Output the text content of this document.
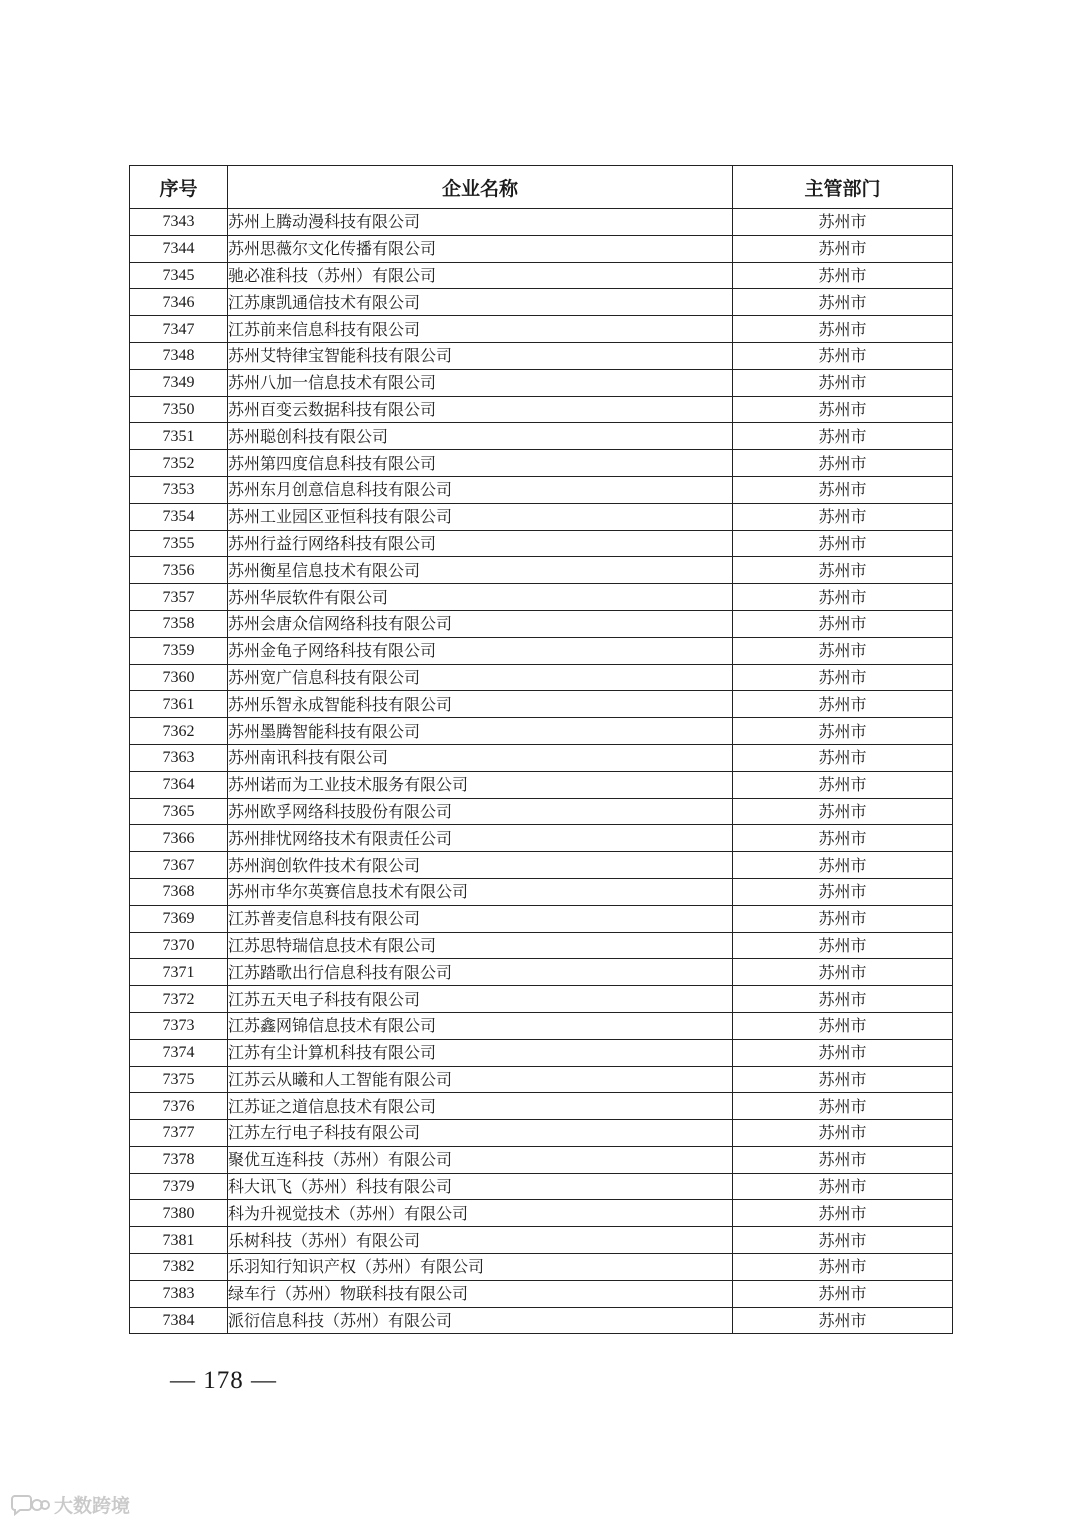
序号	企业名称	主管部门
7343	苏州上腾动漫科技有限公司	苏州市
7344	苏州思薇尔文化传播有限公司	苏州市
7345	驰必准科技（苏州）有限公司	苏州市
7346	江苏康凯通信技术有限公司	苏州市
7347	江苏前来信息科技有限公司	苏州市
7348	苏州艾特律宝智能科技有限公司	苏州市
7349	苏州八加一信息技术有限公司	苏州市
7350	苏州百变云数据科技有限公司	苏州市
7351	苏州聪创科技有限公司	苏州市
7352	苏州第四度信息科技有限公司	苏州市
7353	苏州东月创意信息科技有限公司	苏州市
7354	苏州工业园区亚恒科技有限公司	苏州市
7355	苏州行益行网络科技有限公司	苏州市
7356	苏州衡星信息技术有限公司	苏州市
7357	苏州华辰软件有限公司	苏州市
7358	苏州会唐众信网络科技有限公司	苏州市
7359	苏州金龟子网络科技有限公司	苏州市
7360	苏州宽广信息科技有限公司	苏州市
7361	苏州乐智永成智能科技有限公司	苏州市
7362	苏州墨腾智能科技有限公司	苏州市
7363	苏州南讯科技有限公司	苏州市
7364	苏州诺而为工业技术服务有限公司	苏州市
7365	苏州欧孚网络科技股份有限公司	苏州市
7366	苏州排忧网络技术有限责任公司	苏州市
7367	苏州润创软件技术有限公司	苏州市
7368	苏州市华尔英赛信息技术有限公司	苏州市
7369	江苏普麦信息科技有限公司	苏州市
7370	江苏思特瑞信息技术有限公司	苏州市
7371	江苏踏歌出行信息科技有限公司	苏州市
7372	江苏五天电子科技有限公司	苏州市
7373	江苏鑫网锦信息技术有限公司	苏州市
7374	江苏有尘计算机科技有限公司	苏州市
7375	江苏云从曦和人工智能有限公司	苏州市
7376	江苏证之道信息技术有限公司	苏州市
7377	江苏左行电子科技有限公司	苏州市
7378	聚优互连科技（苏州）有限公司	苏州市
7379	科大讯飞（苏州）科技有限公司	苏州市
7380	科为升视觉技术（苏州）有限公司	苏州市
7381	乐树科技（苏州）有限公司	苏州市
7382	乐羽知行知识产权（苏州）有限公司	苏州市
7383	绿车行（苏州）物联科技有限公司	苏州市
7384	派衍信息科技（苏州）有限公司	苏州市
— 178 —
大数跨境
